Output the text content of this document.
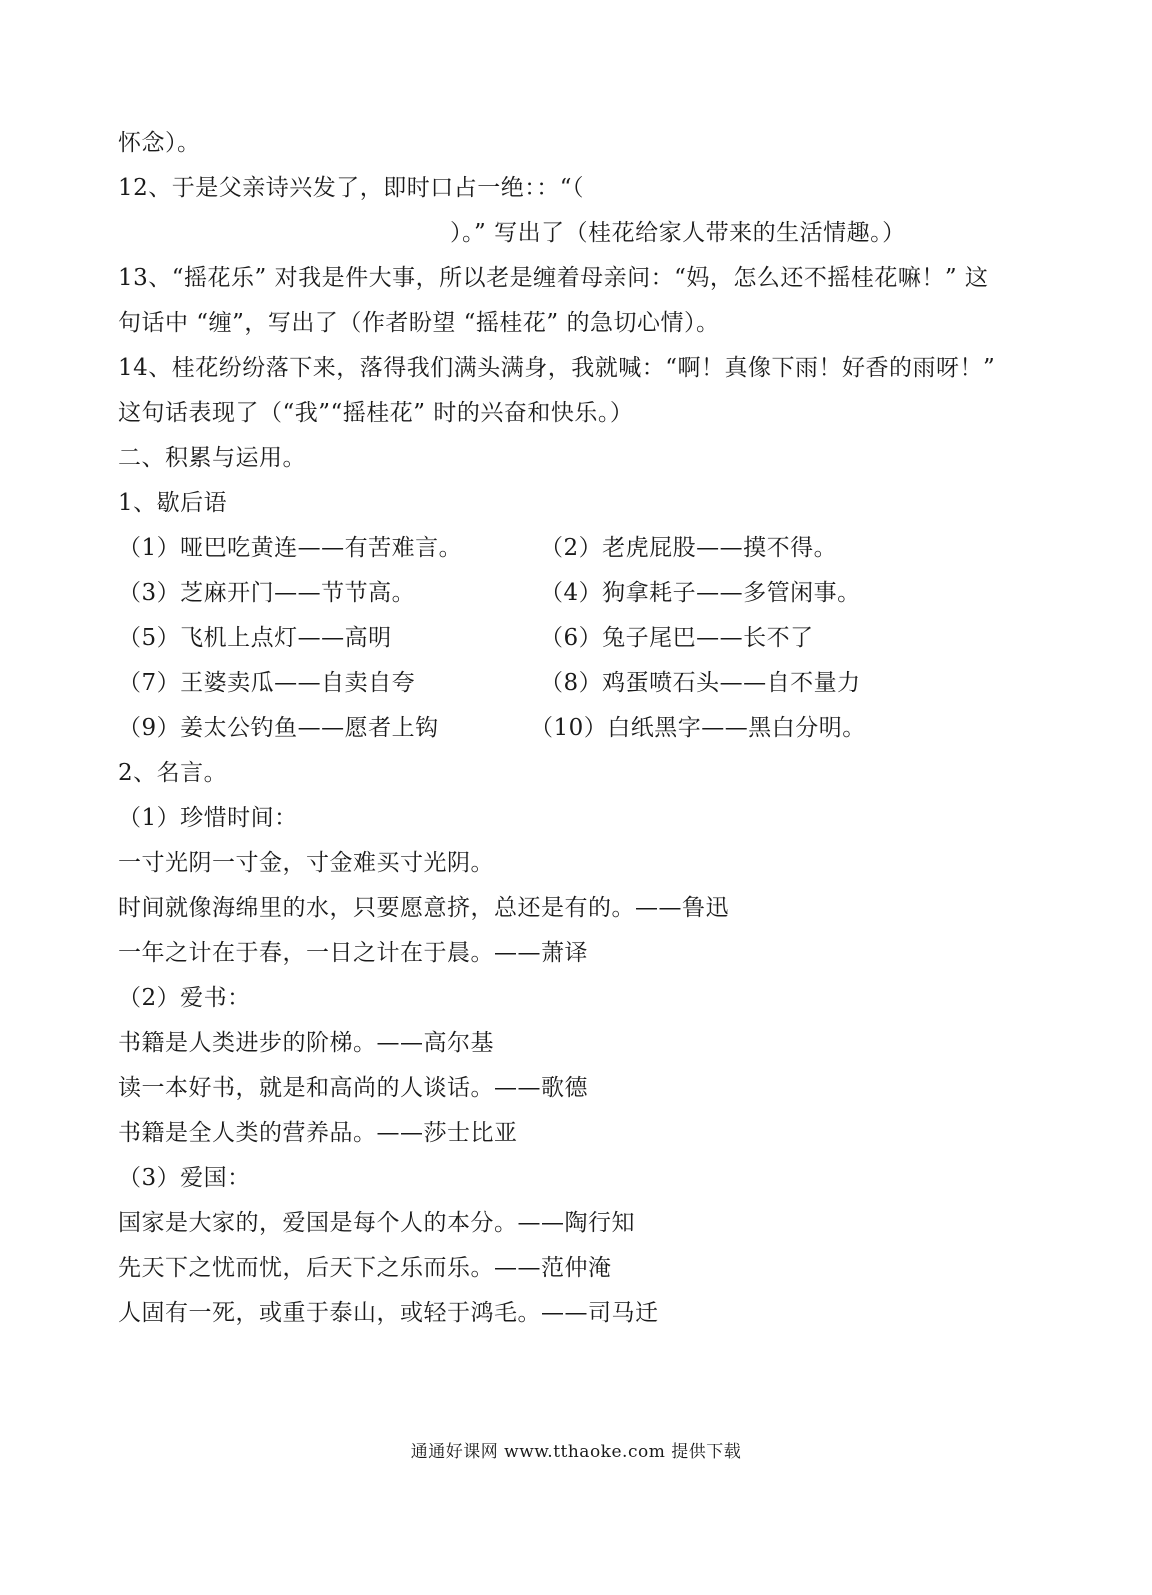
怀念）。
12、于是父亲诗兴发了，即时口占一绝：：“（
）。” 写出了（桂花给家人带来的生活情趣。）
13、“摇花乐” 对我是件大事，所以老是缠着母亲问：“妈，怎么还不摇桂花嘛！” 这
句话中 “缠”，写出了（作者盼望 “摇桂花” 的急切心情）。
14、桂花纷纷落下来，落得我们满头满身，我就喊：“啊！真像下雨！好香的雨呀！”
这句话表现了（“我”“摇桂花” 时的兴奋和快乐。）
二、积累与运用。
1、歇后语
（1）哑巴吃黄连——有苦难言。	（2）老虎屁股——摸不得。
（3）芝麻开门——节节高。	（4）狗拿耗子——多管闲事。
（5）飞机上点灯——高明	（6）兔子尾巴——长不了
（7）王婆卖瓜——自卖自夸	（8）鸡蛋喷石头——自不量力
（9）姜太公钓鱼——愿者上钩	（10）白纸黑字——黑白分明。
2、名言。
（1）珍惜时间：
一寸光阴一寸金，寸金难买寸光阴。
时间就像海绵里的水，只要愿意挤，总还是有的。——鲁迅
一年之计在于春，一日之计在于晨。——萧译
（2）爱书：
书籍是人类进步的阶梯。——高尔基
读一本好书，就是和高尚的人谈话。——歌德
书籍是全人类的营养品。——莎士比亚
（3）爱国：
国家是大家的，爱国是每个人的本分。——陶行知
先天下之忧而忧，后天下之乐而乐。——范仲淹
人固有一死，或重于泰山，或轻于鸿毛。——司马迁
通通好课网 www.tthaoke.com 提供下载
